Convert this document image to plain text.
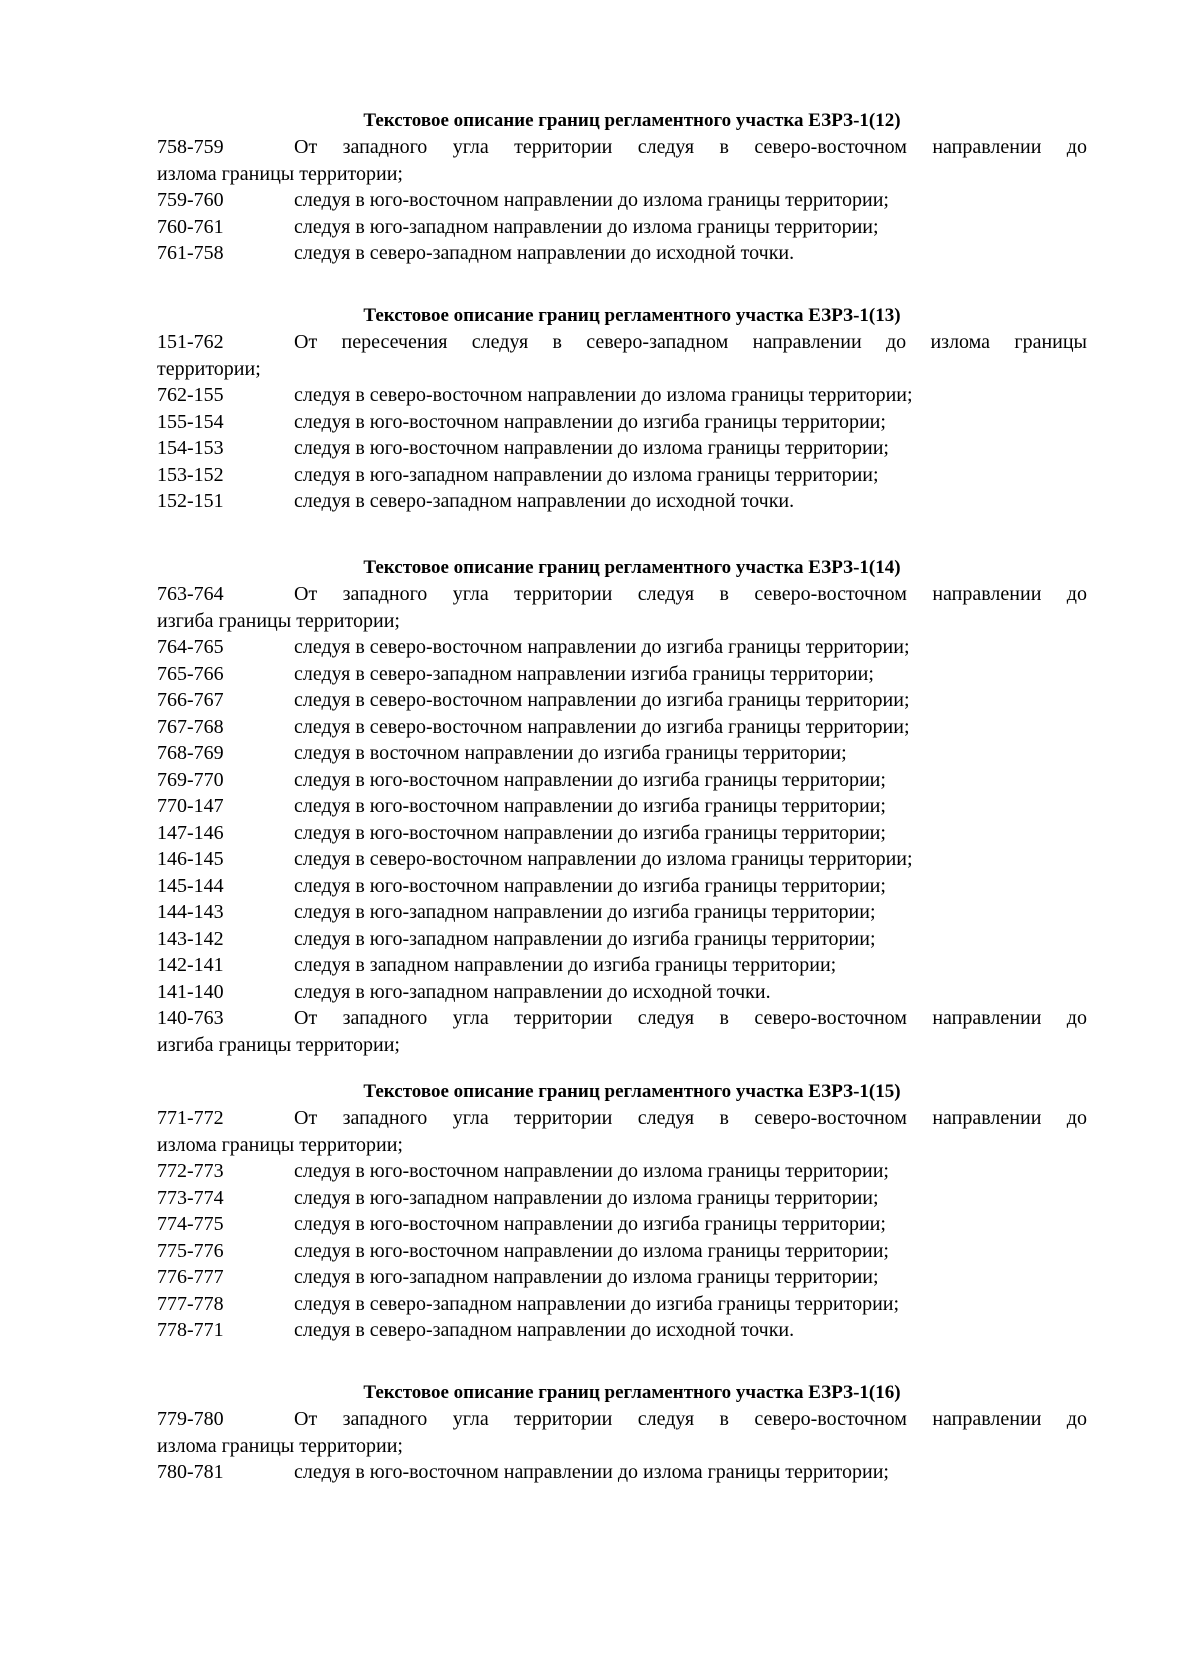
Текстовое описание границ регламентного участка ЕЗРЗ-1(12)
758-759	От западного угла территории следуя в северо-восточном направлении до
излома границы территории;
759-760	следуя в юго-восточном направлении до излома границы территории;
760-761	следуя в юго-западном направлении до излома границы территории;
761-758	следуя в северо-западном направлении до исходной точки.
Текстовое описание границ регламентного участка ЕЗРЗ-1(13)
151-762	От пересечения следуя в северо-западном направлении до излома границы
территории;
762-155	следуя в северо-восточном направлении до излома границы территории;
155-154	следуя в юго-восточном направлении до изгиба границы территории;
154-153	следуя в юго-восточном направлении до излома границы территории;
153-152	следуя в юго-западном направлении до излома границы территории;
152-151	следуя в северо-западном направлении до исходной точки.
Текстовое описание границ регламентного участка ЕЗРЗ-1(14)
763-764	От западного угла территории следуя в северо-восточном направлении до
изгиба границы территории;
764-765	следуя в северо-восточном направлении до изгиба границы территории;
765-766	следуя в северо-западном направлении изгиба границы территории;
766-767	следуя в северо-восточном направлении до изгиба границы территории;
767-768	следуя в северо-восточном направлении до изгиба границы территории;
768-769	следуя в восточном направлении до изгиба границы территории;
769-770	следуя в юго-восточном направлении до изгиба границы территории;
770-147	следуя в юго-восточном направлении до изгиба границы территории;
147-146	следуя в юго-восточном направлении до изгиба границы территории;
146-145	следуя в северо-восточном направлении до излома границы территории;
145-144	следуя в юго-восточном направлении до изгиба границы территории;
144-143	следуя в юго-западном направлении до изгиба границы территории;
143-142	следуя в юго-западном направлении до изгиба границы территории;
142-141	следуя в западном направлении до изгиба границы территории;
141-140	следуя в юго-западном направлении до исходной точки.
140-763	От западного угла территории следуя в северо-восточном направлении до
изгиба границы территории;
Текстовое описание границ регламентного участка ЕЗРЗ-1(15)
771-772	От западного угла территории следуя в северо-восточном направлении до
излома границы территории;
772-773	следуя в юго-восточном направлении до излома границы территории;
773-774	следуя в юго-западном направлении до излома границы территории;
774-775	следуя в юго-восточном направлении до изгиба границы территории;
775-776	следуя в юго-восточном направлении до излома границы территории;
776-777	следуя в юго-западном направлении до излома границы территории;
777-778	следуя в северо-западном направлении до изгиба границы территории;
778-771	следуя в северо-западном направлении до исходной точки.
Текстовое описание границ регламентного участка ЕЗРЗ-1(16)
779-780	От западного угла территории следуя в северо-восточном направлении до
излома границы территории;
780-781	следуя в юго-восточном направлении до излома границы территории;
